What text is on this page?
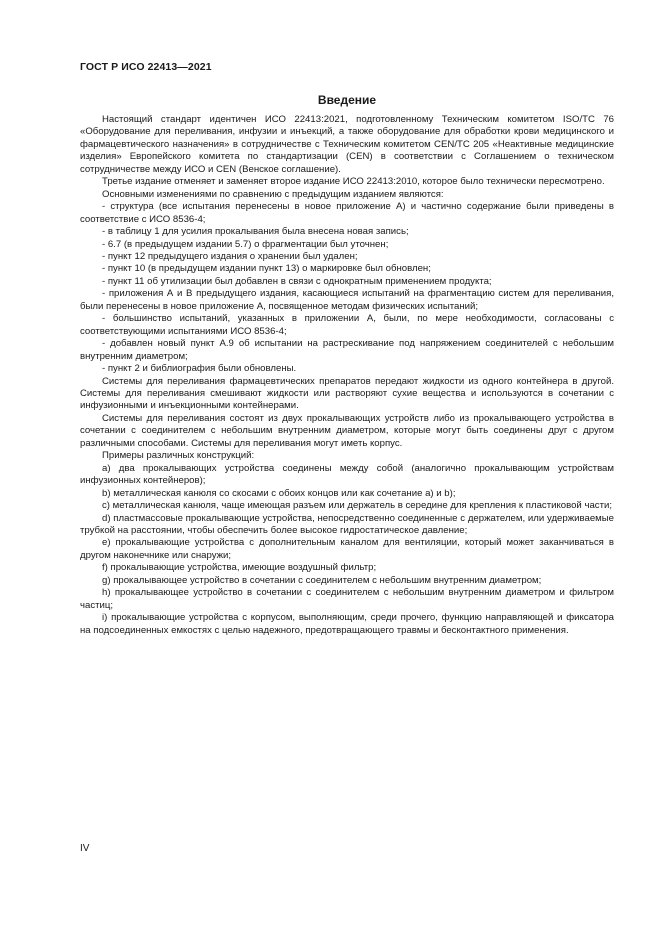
ГОСТ Р ИСО 22413—2021
Введение

Настоящий стандарт идентичен ИСО 22413:2021, подготовленному Техническим комитетом ISO/TC 76 «Оборудование для переливания, инфузии и инъекций, а также оборудование для обработки крови медицинского и фармацевтического назначения» в сотрудничестве с Техническим комитетом CEN/TC 205 «Неактивные медицинские изделия» Европейского комитета по стандартизации (CEN) в соответствии с Соглашением о техническом сотрудничестве между ИСО и CEN (Венское соглашение).

Третье издание отменяет и заменяет второе издание ИСО 22413:2010, которое было технически пересмотрено.

Основными изменениями по сравнению с предыдущим изданием являются:

- структура (все испытания перенесены в новое приложение А) и частично содержание были приведены в соответствие с ИСО 8536-4;

- в таблицу 1 для усилия прокалывания была внесена новая запись;

- 6.7 (в предыдущем издании 5.7) о фрагментации был уточнен;

- пункт 12 предыдущего издания о хранении был удален;

- пункт 10 (в предыдущем издании пункт 13) о маркировке был обновлен;

- пункт 11 об утилизации был добавлен в связи с однократным применением продукта;

- приложения А и В предыдущего издания, касающиеся испытаний на фрагментацию систем для переливания, были перенесены в новое приложение А, посвященное методам физических испытаний;

- большинство испытаний, указанных в приложении А, были, по мере необходимости, согласованы с соответствующими испытаниями ИСО 8536-4;

- добавлен новый пункт А.9 об испытании на растрескивание под напряжением соединителей с небольшим внутренним диаметром;

- пункт 2 и библиография были обновлены.

Системы для переливания фармацевтических препаратов передают жидкости из одного контейнера в другой. Системы для переливания смешивают жидкости или растворяют сухие вещества и используются в сочетании с инфузионными и инъекционными контейнерами.

Системы для переливания состоят из двух прокалывающих устройств либо из прокалывающего устройства в сочетании с соединителем с небольшим внутренним диаметром, которые могут быть соединены друг с другом различными способами. Системы для переливания могут иметь корпус.

Примеры различных конструкций:

a) два прокалывающих устройства соединены между собой (аналогично прокалывающим устройствам инфузионных контейнеров);

b) металлическая канюля со скосами с обоих концов или как сочетание а) и b);

c) металлическая канюля, чаще имеющая разъем или держатель в середине для крепления к пластиковой части;

d) пластмассовые прокалывающие устройства, непосредственно соединенные с держателем, или удерживаемые трубкой на расстоянии, чтобы обеспечить более высокое гидростатическое давление;

e) прокалывающие устройства с дополнительным каналом для вентиляции, который может заканчиваться в другом наконечнике или снаружи;

f) прокалывающие устройства, имеющие воздушный фильтр;

g) прокалывающее устройство в сочетании с соединителем с небольшим внутренним диаметром;

h) прокалывающее устройство в сочетании с соединителем с небольшим внутренним диаметром и фильтром частиц;

i) прокалывающие устройства с корпусом, выполняющим, среди прочего, функцию направляющей и фиксатора на подсоединенных емкостях с целью надежного, предотвращающего травмы и бесконтактного применения.

IV
